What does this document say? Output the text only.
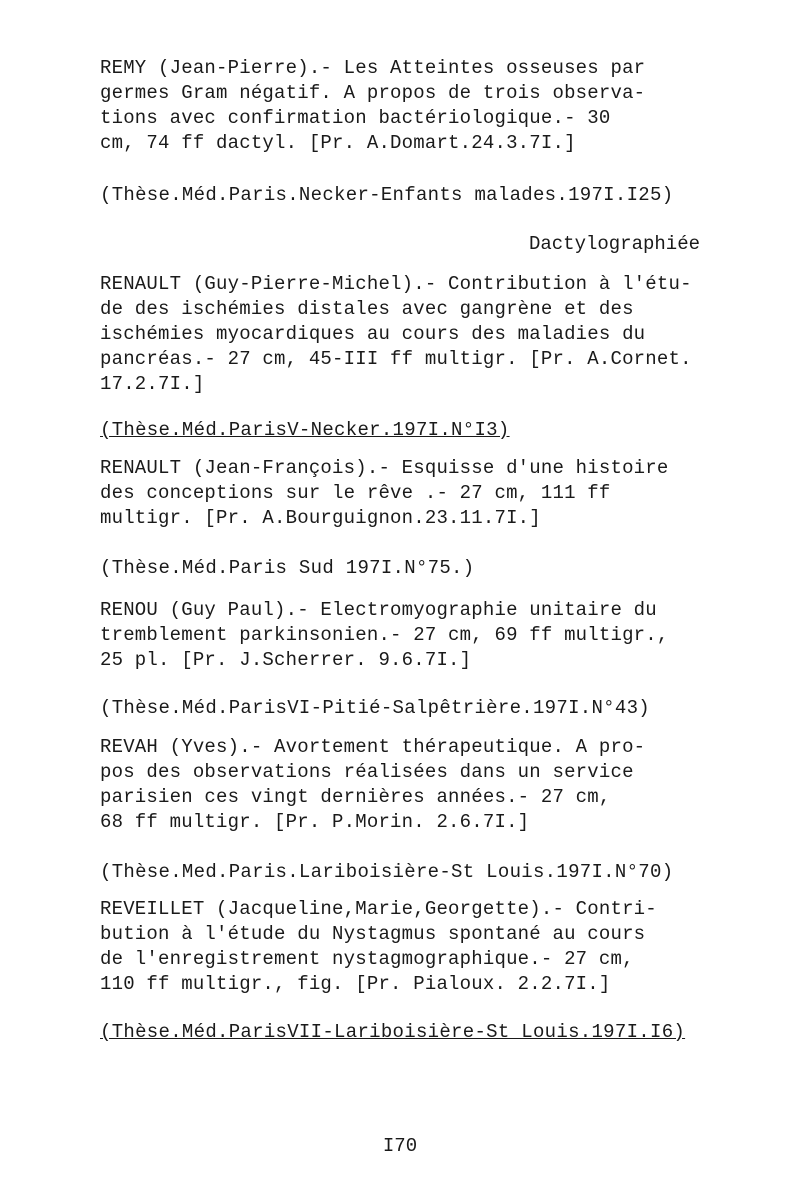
REMY (Jean-Pierre).- Les Atteintes osseuses par
germes Gram négatif. A propos de trois observa-
tions avec confirmation bactériologique.- 30
cm, 74 ff dactyl. [Pr. A.Domart.24.3.7I.]
(Thèse.Méd.Paris.Necker-Enfants malades.197I.I25)
Dactylographiée
RENAULT (Guy-Pierre-Michel).- Contribution à l'étu-
de des ischémies distales avec gangrène et des
ischémies myocardiques au cours des maladies du
pancréas.- 27 cm, 45-III ff multigr. [Pr. A.Cornet.
17.2.7I.]
(Thèse.Méd.ParisV-Necker.197I.N°I3)
RENAULT (Jean-François).- Esquisse d'une histoire
des conceptions sur le rêve .- 27 cm, 111 ff
multigr. [Pr. A.Bourguignon.23.11.7I.]
(Thèse.Méd.Paris Sud 197I.N°75.)
RENOU (Guy Paul).- Electromyographie unitaire du
tremblement parkinsonien.- 27 cm, 69 ff multigr.,
25 pl. [Pr. J.Scherrer. 9.6.7I.]
(Thèse.Méd.ParisVI-Pitié-Salpêtrière.197I.N°43)
REVAH (Yves).- Avortement thérapeutique. A pro-
pos des observations réalisées dans un service
parisien ces vingt dernières années.- 27 cm,
68 ff multigr. [Pr. P.Morin. 2.6.7I.]
(Thèse.Med.Paris.Lariboisière-St Louis.197I.N°70)
REVEILLET (Jacqueline,Marie,Georgette).- Contri-
bution à l'étude du Nystagmus spontané au cours
de l'enregistrement nystagmographique.- 27 cm,
110 ff multigr., fig. [Pr. Pialoux. 2.2.7I.]
(Thèse.Méd.ParisVII-Lariboisière-St Louis.197I.I6)
I70
